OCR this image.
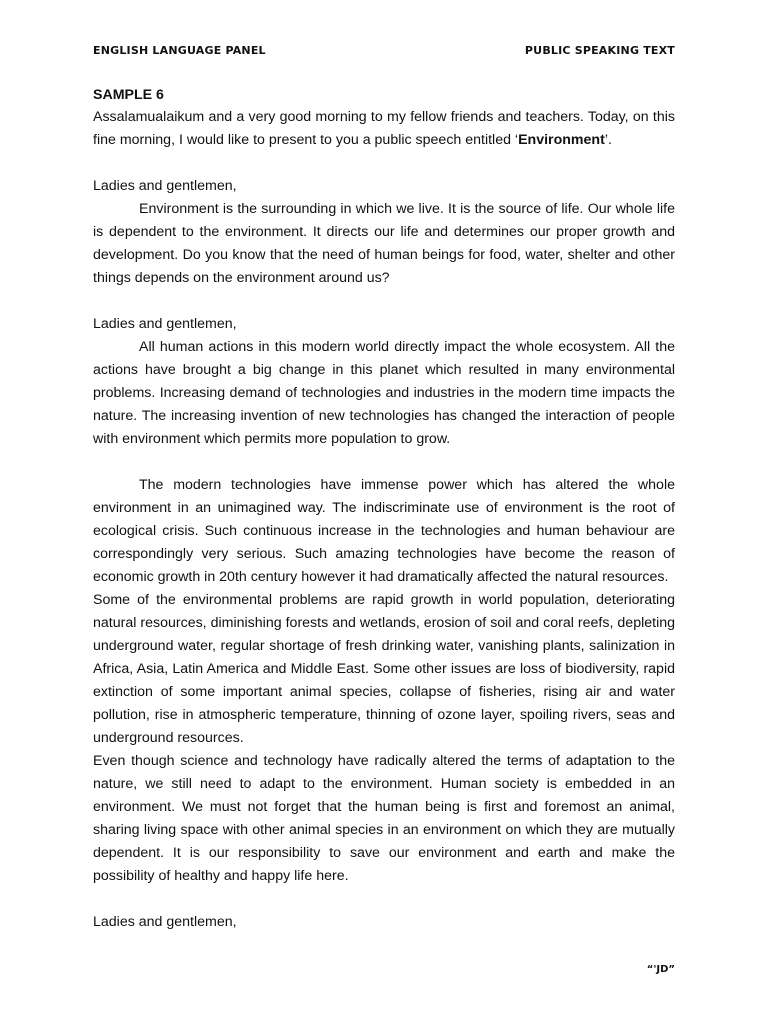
ENGLISH LANGUAGE PANEL	PUBLIC SPEAKING TEXT

SAMPLE 6

Assalamualaikum and a very good morning to my fellow friends and teachers. Today, on this fine morning, I would like to present to you a public speech entitled ‘Environment’.

Ladies and gentlemen,

Environment is the surrounding in which we live. It is the source of life. Our whole life is dependent to the environment. It directs our life and determines our proper growth and development. Do you know that the need of human beings for food, water, shelter and other things depends on the environment around us?

Ladies and gentlemen,

All human actions in this modern world directly impact the whole ecosystem. All the actions have brought a big change in this planet which resulted in many environmental problems. Increasing demand of technologies and industries in the modern time impacts the nature. The increasing invention of new technologies has changed the interaction of people with environment which permits more population to grow.

The modern technologies have immense power which has altered the whole environment in an unimagined way. The indiscriminate use of environment is the root of ecological crisis. Such continuous increase in the technologies and human behaviour are correspondingly very serious. Such amazing technologies have become the reason of economic growth in 20th century however it had dramatically affected the natural resources.

Some of the environmental problems are rapid growth in world population, deteriorating natural resources, diminishing forests and wetlands, erosion of soil and coral reefs, depleting underground water, regular shortage of fresh drinking water, vanishing plants, salinization in Africa, Asia, Latin America and Middle East. Some other issues are loss of biodiversity, rapid extinction of some important animal species, collapse of fisheries, rising air and water pollution, rise in atmospheric temperature, thinning of ozone layer, spoiling rivers, seas and underground resources.

Even though science and technology have radically altered the terms of adaptation to the nature, we still need to adapt to the environment. Human society is embedded in an environment. We must not forget that the human being is first and foremost an animal, sharing living space with other animal species in an environment on which they are mutually dependent. It is our responsibility to save our environment and earth and make the possibility of healthy and happy life here.

Ladies and gentlemen,

“'JD”
